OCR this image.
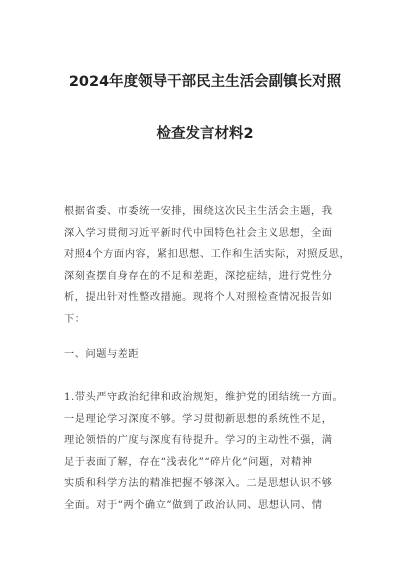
2024年度领导干部民主生活会副镇长对照
检查发言材料2
根据省委、市委统一安排，围绕这次民主生活会主题，我
深入学习贯彻习近平新时代中国特色社会主义思想，全面
对照4个方面内容，紧扣思想、工作和生活实际，对照反思，
深刻查摆自身存在的不足和差距，深挖症结，进行党性分
析，提出针对性整改措施。现将个人对照检查情况报告如
下：
一、问题与差距
1.带头严守政治纪律和政治规矩，维护党的团结统一方面。
一是理论学习深度不够。学习贯彻新思想的系统性不足，
理论领悟的广度与深度有待提升。学习的主动性不强，满
足于表面了解，存在“浅表化”“碎片化”问题，对精神
实质和科学方法的精准把握不够深入。二是思想认识不够
全面。对于“两个确立”做到了政治认同、思想认同、情
